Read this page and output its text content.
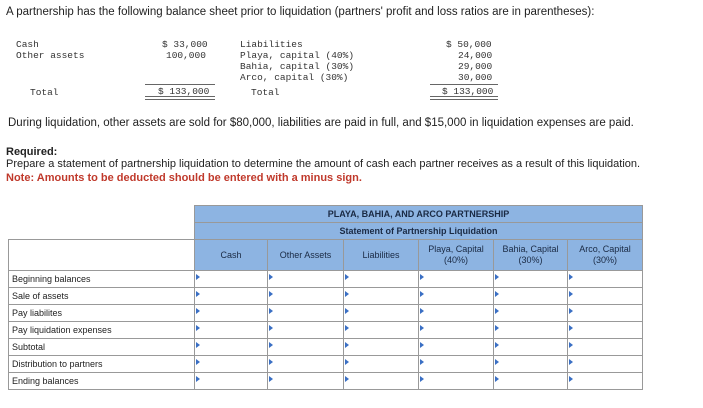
A partnership has the following balance sheet prior to liquidation (partners' profit and loss ratios are in parentheses):
Cash	$ 33,000
Other assets	100,000
Total	$ 133,000
Liabilities	$ 50,000
Playa, capital (40%)	24,000
Bahia, capital (30%)	29,000
Arco, capital (30%)	30,000
Total	$ 133,000
During liquidation, other assets are sold for $80,000, liabilities are paid in full, and $15,000 in liquidation expenses are paid.
Required:
Prepare a statement of partnership liquidation to determine the amount of cash each partner receives as a result of this liquidation.
Note: Amounts to be deducted should be entered with a minus sign.
	PLAYA, BAHIA, AND ARCO PARTNERSHIP					
	Statement of Partnership Liquidation					
	Cash	Other Assets	Liabilities	Playa, Capital (40%)	Bahia, Capital (30%)	Arco, Capital (30%)
Beginning balances						
Sale of assets						
Pay liabilites						
Pay liquidation expenses						
Subtotal						
Distribution to partners						
Ending balances						
